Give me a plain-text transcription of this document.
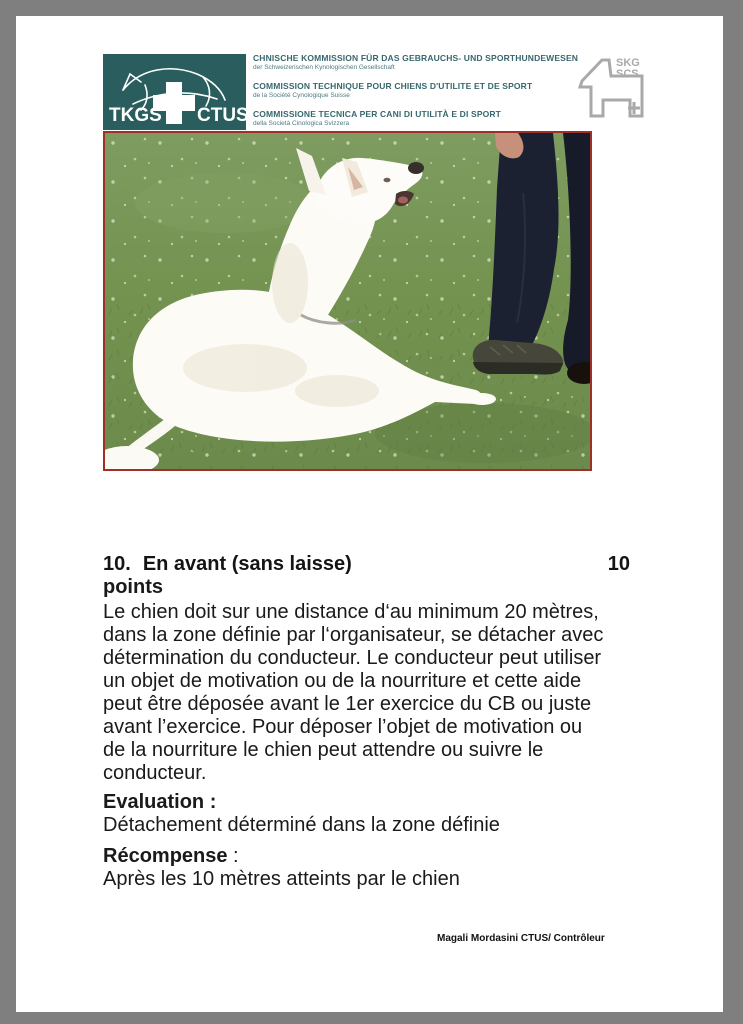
TKGS CTUS
CHNISCHE KOMMISSION FÜR DAS GEBRAUCHS- UND SPORTHUNDEWESEN
der Schweizerischen Kynologischen Gesellschaft
COMMISSION TECHNIQUE POUR CHIENS D'UTILITE ET DE SPORT
de la Société Cynologique Suisse
COMMISSIONE TECNICA PER CANI DI UTILITÀ E DI SPORT
della Società Cinologica Svizzera
SKG
SCS
10. En avant (sans laisse)	10
points
Le chien doit sur une distance d‘au minimum 20 mètres,
dans la zone définie par l‘organisateur, se détacher avec
détermination du conducteur. Le conducteur peut utiliser
un objet de motivation ou de la nourriture et cette aide
peut être déposée avant le 1er exercice du CB ou juste
avant l’exercice. Pour déposer l’objet de motivation ou
de la nourriture le chien peut attendre ou suivre le
conducteur.
Evaluation :
Détachement déterminé dans la zone définie
Récompense :
Après les 10 mètres atteints par le chien
Magali Mordasini CTUS/ Contrôleur
